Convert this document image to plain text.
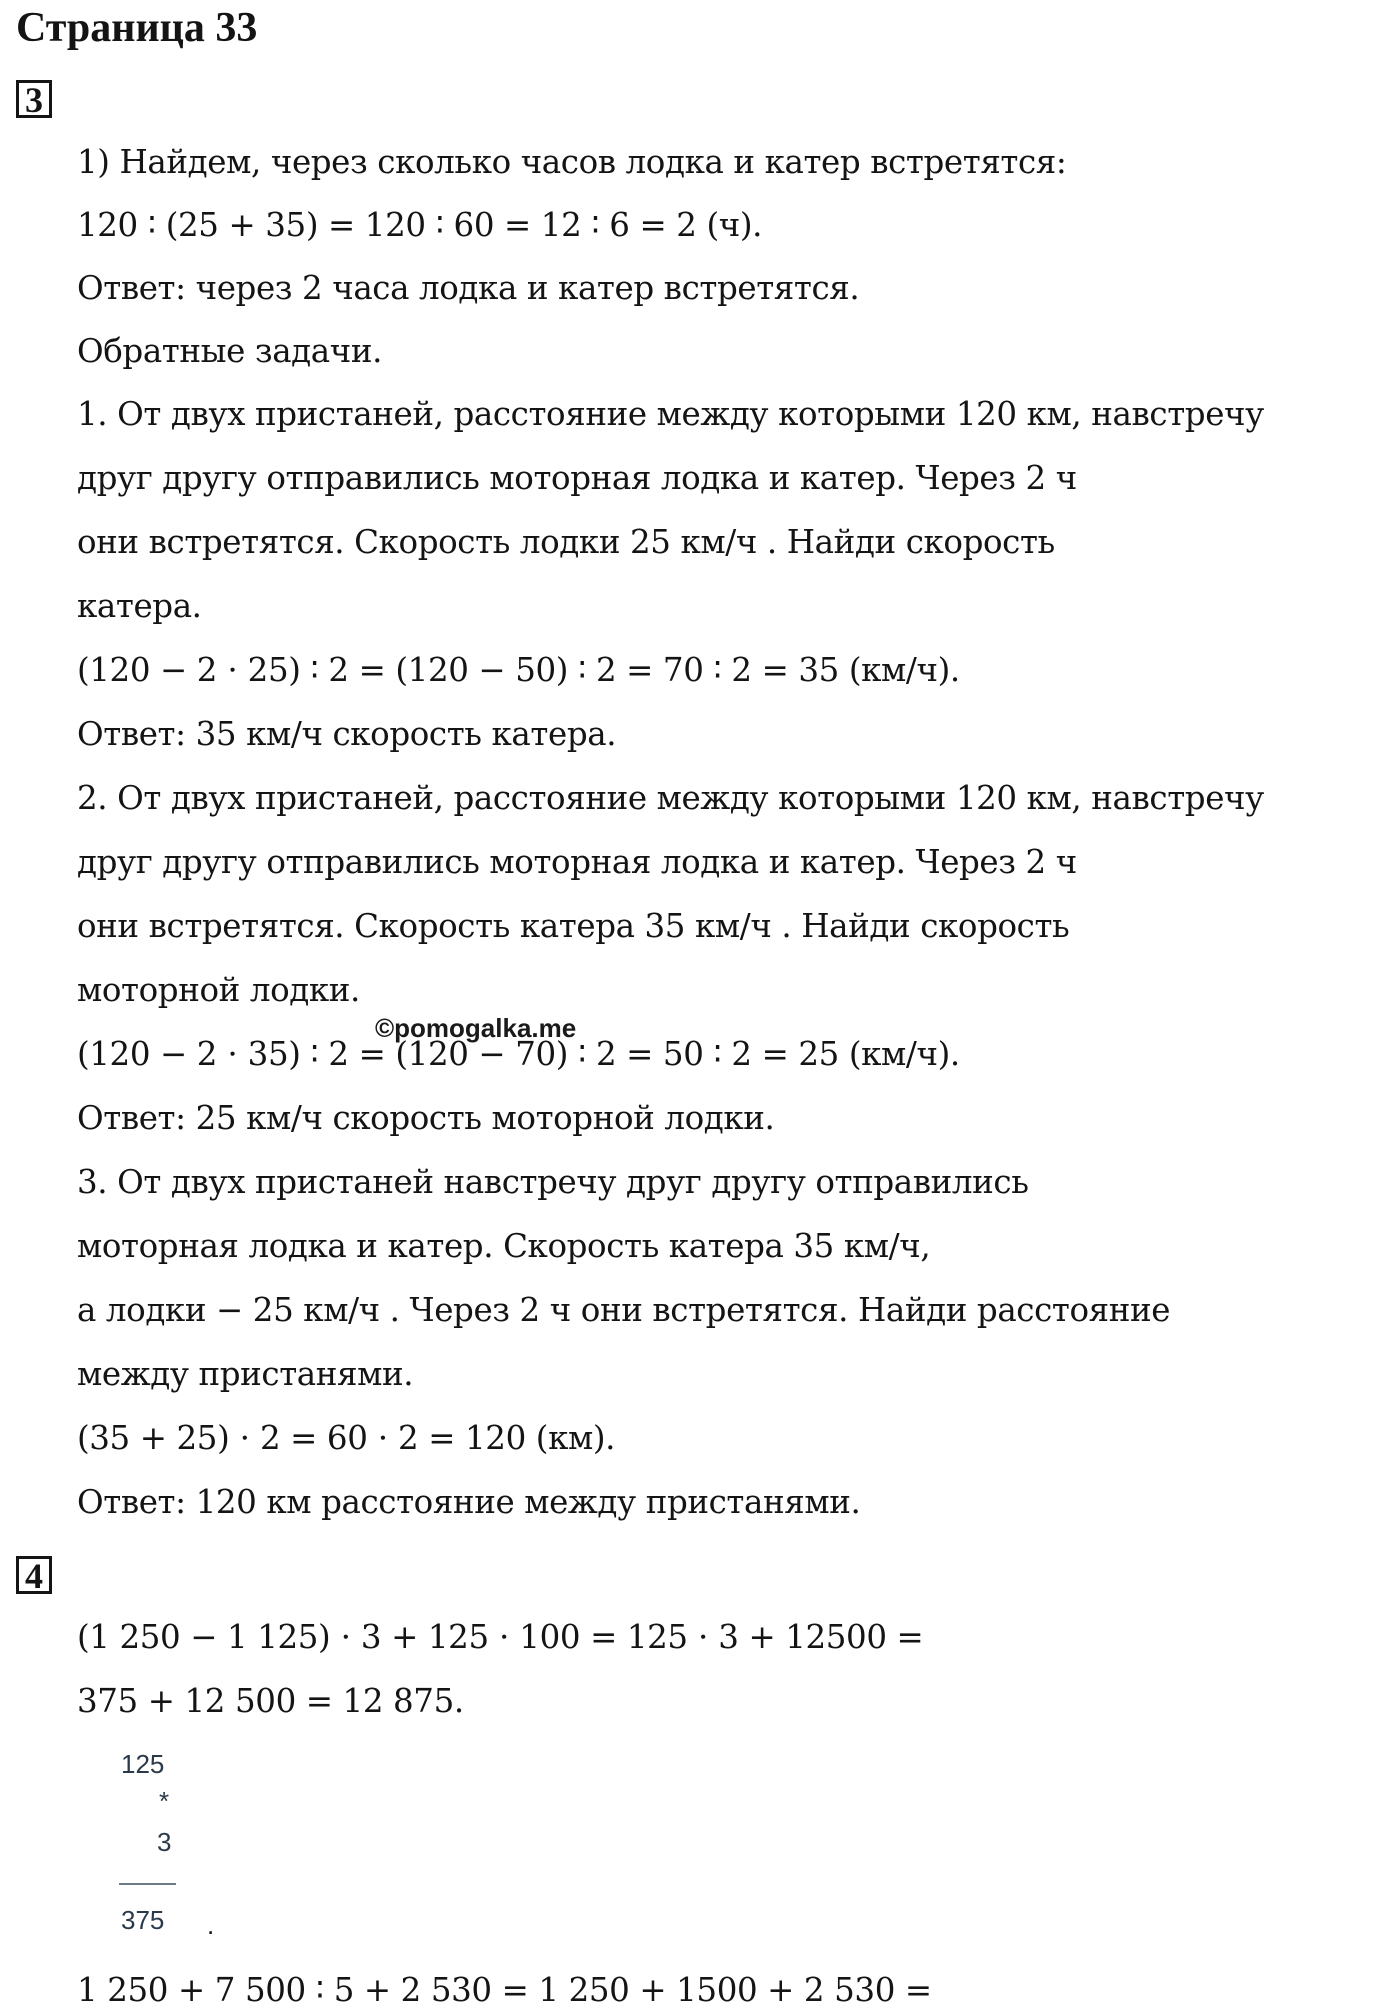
Страница 33
3
1) Найдем, через сколько часов лодка и катер встретятся:
120 ∶ (25 + 35) = 120 ∶ 60 = 12 ∶ 6 = 2 (ч).
Ответ: через 2 часа лодка и катер встретятся.
Обратные задачи.
1. От двух пристаней, расстояние между которыми 120 км, навстречу
друг другу отправились моторная лодка и катер. Через 2 ч
они встретятся. Скорость лодки 25 км/ч . Найди скорость
катера.
(120 − 2 ⋅ 25) ∶ 2 = (120 − 50) ∶ 2 = 70 ∶ 2 = 35 (км/ч).
Ответ: 35 км/ч скорость катера.
2. От двух пристаней, расстояние между которыми 120 км, навстречу
друг другу отправились моторная лодка и катер. Через 2 ч
они встретятся. Скорость катера 35 км/ч . Найди скорость
моторной лодки.
(120 − 2 ⋅ 35) ∶ 2 = (120 − 70) ∶ 2 = 50 ∶ 2 = 25 (км/ч).
Ответ: 25 км/ч скорость моторной лодки.
3. От двух пристаней навстречу друг другу отправились
моторная лодка и катер. Скорость катера 35 км/ч,
а лодки − 25 км/ч . Через 2 ч они встретятся. Найди расстояние
между пристанями.
(35 + 25) ⋅ 2 = 60 ⋅ 2 = 120 (км).
Ответ: 120 км расстояние между пристанями.
©pomogalka.me
4
(1 250 − 1 125) ⋅ 3 + 125 ⋅ 100 = 125 ⋅ 3 + 12500 =
375 + 12 500 = 12 875.
125
*
3
375 .
1 250 + 7 500 ∶ 5 + 2 530 = 1 250 + 1500 + 2 530 =
